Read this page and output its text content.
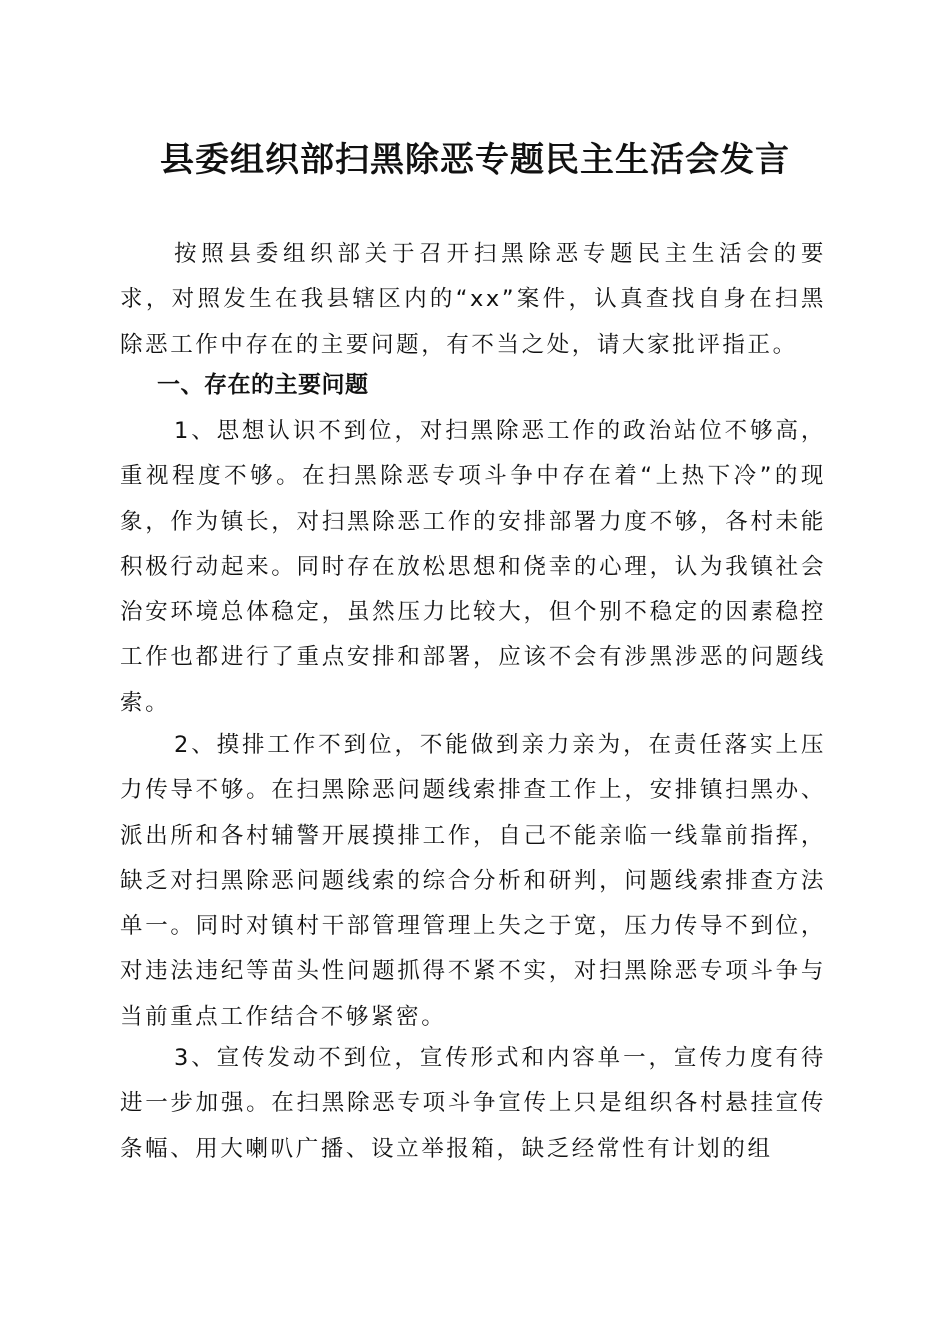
县委组织部扫黑除恶专题民主生活会发言

按照县委组织部关于召开扫黑除恶专题民主生活会的要求，对照发生在我县辖区内的“xx”案件，认真查找自身在扫黑除恶工作中存在的主要问题，有不当之处，请大家批评指正。

一、存在的主要问题

1、思想认识不到位，对扫黑除恶工作的政治站位不够高，重视程度不够。在扫黑除恶专项斗争中存在着“上热下冷”的现象，作为镇长，对扫黑除恶工作的安排部署力度不够，各村未能积极行动起来。同时存在放松思想和侥幸的心理，认为我镇社会治安环境总体稳定，虽然压力比较大，但个别不稳定的因素稳控工作也都进行了重点安排和部署，应该不会有涉黑涉恶的问题线索。

2、摸排工作不到位，不能做到亲力亲为，在责任落实上压力传导不够。在扫黑除恶问题线索排查工作上，安排镇扫黑办、派出所和各村辅警开展摸排工作，自己不能亲临一线靠前指挥，缺乏对扫黑除恶问题线索的综合分析和研判，问题线索排查方法单一。同时对镇村干部管理管理上失之于宽，压力传导不到位，对违法违纪等苗头性问题抓得不紧不实，对扫黑除恶专项斗争与当前重点工作结合不够紧密。

3、宣传发动不到位，宣传形式和内容单一，宣传力度有待进一步加强。在扫黑除恶专项斗争宣传上只是组织各村悬挂宣传条幅、用大喇叭广播、设立举报箱，缺乏经常性有计划的组
